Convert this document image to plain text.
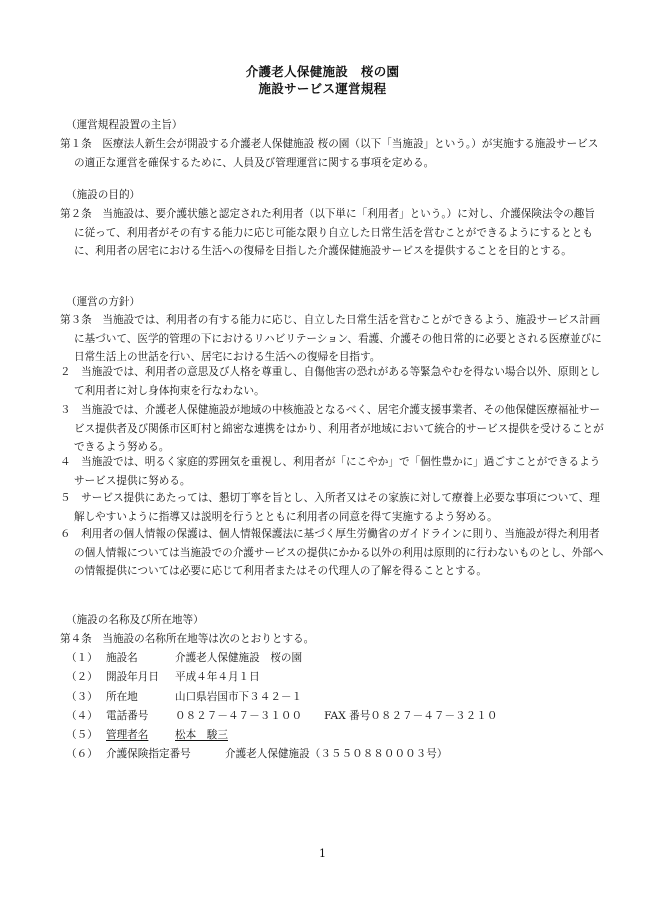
介護老人保健施設　桜の園
施設サービス運営規程
（運営規程設置の主旨）
第１条　医療法人新生会が開設する介護老人保健施設 桜の園（以下「当施設」という。）が実施する施設サービスの適正な運営を確保するために、人員及び管理運営に関する事項を定める。
（施設の目的）
第２条　当施設は、要介護状態と認定された利用者（以下単に「利用者」という。）に対し、介護保険法令の趣旨に従って、利用者がその有する能力に応じ可能な限り自立した日常生活を営むことができるようにするとともに、利用者の居宅における生活への復帰を目指した介護保健施設サービスを提供することを目的とする。
（運営の方針）
第３条　当施設では、利用者の有する能力に応じ、自立した日常生活を営むことができるよう、施設サービス計画に基づいて、医学的管理の下におけるリハビリテーション、看護、介護その他日常的に必要とされる医療並びに日常生活上の世話を行い、居宅における生活への復帰を目指す。
２　当施設では、利用者の意思及び人格を尊重し、自傷他害の恐れがある等緊急やむを得ない場合以外、原則として利用者に対し身体拘束を行なわない。
３　当施設では、介護老人保健施設が地域の中核施設となるべく、居宅介護支援事業者、その他保健医療福祉サービス提供者及び関係市区町村と綿密な連携をはかり、利用者が地域において統合的サービス提供を受けることができるよう努める。
４　当施設では、明るく家庭的雰囲気を重視し、利用者が「にこやか」で「個性豊かに」過ごすことができるようサービス提供に努める。
５　サービス提供にあたっては、懇切丁寧を旨とし、入所者又はその家族に対して療養上必要な事項について、理解しやすいように指導又は説明を行うとともに利用者の同意を得て実施するよう努める。
６　利用者の個人情報の保護は、個人情報保護法に基づく厚生労働省のガイドラインに則り、当施設が得た利用者の個人情報については当施設での介護サービスの提供にかかる以外の利用は原則的に行わないものとし、外部への情報提供については必要に応じて利用者またはその代理人の了解を得ることとする。
（施設の名称及び所在地等）
第４条　当施設の名称所在地等は次のとおりとする。
（１） 施設名	介護老人保健施設　桜の園
（２） 開設年月日 平成４年４月１日
（３） 所在地	山口県岩国市下３４２－１
（４） 電話番号	０８２７－４７－３１００ FAX 番号０８２７－４７－３２１０
（５） 管理者名	松本　駿三
（６） 介護保険指定番号	介護老人保健施設（３５５０８８０００３号）
1
